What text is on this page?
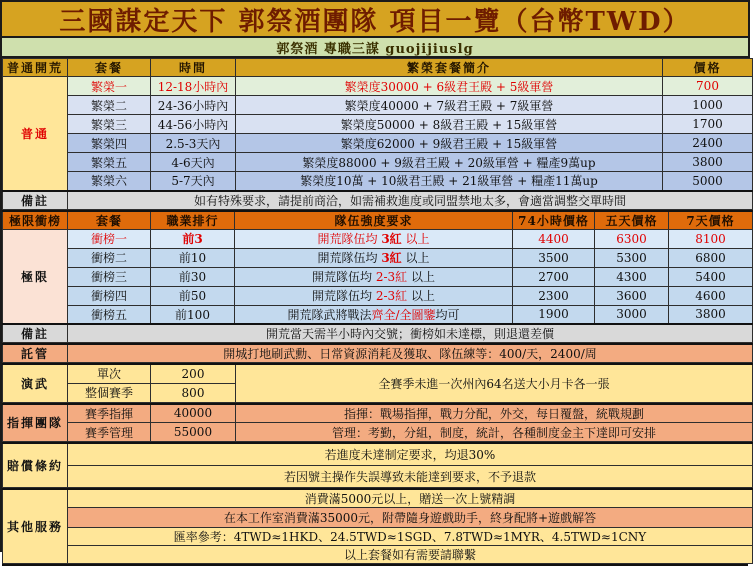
三國謀定天下 郭祭酒團隊 項目一覽（台幣TWD）
郭祭酒 專職三謀 guojijiuslg
普通開荒	套餐	時間	繁榮套餐簡介	價格
普通	繁榮一	12-18小時內	繁榮度30000 + 6級君王殿 + 5級軍營	700
	繁榮二	24-36小時內	繁榮度40000 + 7級君王殿 + 7級軍營	1000
	繁榮三	44-56小時內	繁榮度50000 + 8級君王殿 + 15級軍營	1700
	繁榮四	2.5-3天內	繁榮度62000 + 9級君王殿 + 15級軍營	2400
	繁榮五	4-6天內	繁榮度88000 + 9級君王殿 + 20級軍營 + 糧產9萬up	3800
	繁榮六	5-7天內	繁榮度10萬 + 10級君王殿 + 21級軍營 + 糧產11萬up	5000
備註	如有特殊要求，請提前商洽，如需補救進度或同盟禁地太多，會適當調整交單時間			
極限衝榜	套餐	職業排行	隊伍強度要求	74小時價格	五天價格	7天價格
極限	衝榜一	前3	開荒隊伍均 3紅 以上	4400	6300	8100
	衝榜二	前10	開荒隊伍均 3紅 以上	3500	5300	6800
	衝榜三	前30	開荒隊伍均 2-3紅 以上	2700	4300	5400
	衝榜四	前50	開荒隊伍均 2-3紅 以上	2300	3600	4600
	衝榜五	前100	開荒隊武將戰法齊全/全圖鑒均可	1900	3000	3800
備註	開荒當天需半小時內交號；衝榜如未達標，則退還差價					
託管	開城打地刷武勳、日常資源消耗及獲取、隊伍練等：400/天，2400/周
演武	單次	200	全賽季未進一次州內64名送大小月卡各一張
	整個賽季	800	
指揮團隊	賽季指揮	40000	指揮：戰場指揮，戰力分配，外交，每日覆盤，統戰規劃
	賽季管理	55000	管理：考勤，分組，制度，統計，各種制度金主下達即可安排
賠償條約	若進度未達制定要求，均退30%
若因號主操作失誤導致未能達到要求，不予退款
其他服務	消費滿5000元以上，贈送一次上號精調
在本工作室消費滿35000元，附帶隨身遊戲助手，終身配將+遊戲解答
匯率參考：4TWD≈1HKD、24.5TWD≈1SGD、7.8TWD≈1MYR、4.5TWD≈1CNY
以上套餐如有需要請聯繫
